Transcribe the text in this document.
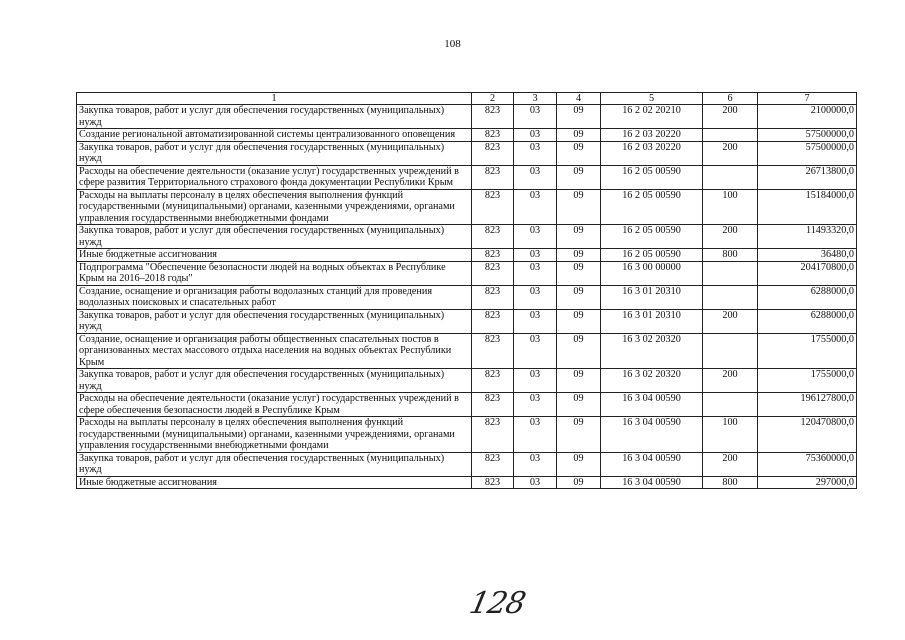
108
1	2	3	4	5	6	7
Закупка товаров, работ и услуг для обеспечения государственных (муниципальных) нужд	823	03	09	16 2 02 20210	200	2100000,0
Создание региональной автоматизированной системы централизованного оповещения	823	03	09	16 2 03 20220		57500000,0
Закупка товаров, работ и услуг для обеспечения государственных (муниципальных) нужд	823	03	09	16 2 03 20220	200	57500000,0
Расходы на обеспечение деятельности (оказание услуг) государственных учреждений в сфере развития Территориального страхового фонда документации Республики Крым	823	03	09	16 2 05 00590		26713800,0
Расходы на выплаты персоналу в целях обеспечения выполнения функций государственными (муниципальными) органами, казенными учреждениями, органами управления государственными внебюджетными фондами	823	03	09	16 2 05 00590	100	15184000,0
Закупка товаров, работ и услуг для обеспечения государственных (муниципальных) нужд	823	03	09	16 2 05 00590	200	11493320,0
Иные бюджетные ассигнования	823	03	09	16 2 05 00590	800	36480,0
Подпрограмма "Обеспечение безопасности людей на водных объектах в Республике Крым на 2016–2018 годы"	823	03	09	16 3 00 00000		204170800,0
Создание, оснащение и организация работы водолазных станций для проведения водолазных поисковых и спасательных работ	823	03	09	16 3 01 20310		6288000,0
Закупка товаров, работ и услуг для обеспечения государственных (муниципальных) нужд	823	03	09	16 3 01 20310	200	6288000,0
Создание, оснащение и организация работы общественных спасательных постов в организованных местах массового отдыха населения на водных объектах Республики Крым	823	03	09	16 3 02 20320		1755000,0
Закупка товаров, работ и услуг для обеспечения государственных (муниципальных) нужд	823	03	09	16 3 02 20320	200	1755000,0
Расходы на обеспечение деятельности (оказание услуг) государственных учреждений в сфере обеспечения безопасности людей в Республике Крым	823	03	09	16 3 04 00590		196127800,0
Расходы на выплаты персоналу в целях обеспечения выполнения функций государственными (муниципальными) органами, казенными учреждениями, органами управления государственными внебюджетными фондами	823	03	09	16 3 04 00590	100	120470800,0
Закупка товаров, работ и услуг для обеспечения государственных (муниципальных) нужд	823	03	09	16 3 04 00590	200	75360000,0
Иные бюджетные ассигнования	823	03	09	16 3 04 00590	800	297000,0
128
